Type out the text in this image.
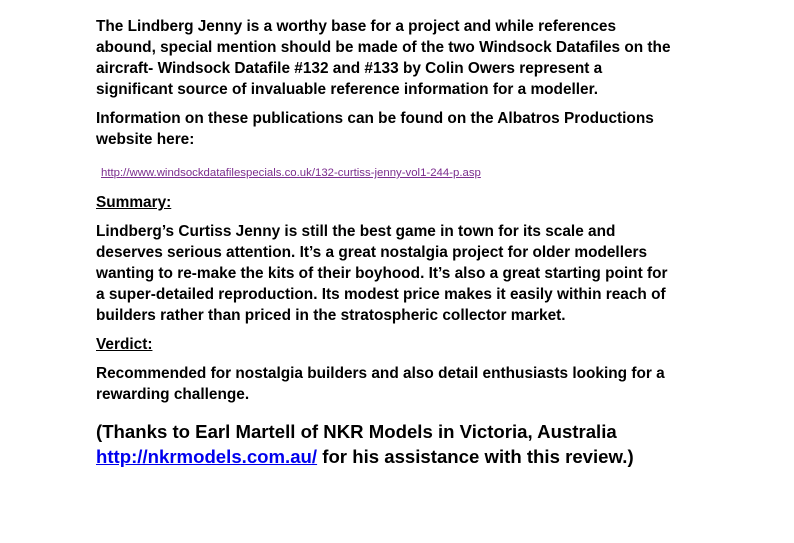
The Lindberg Jenny is a worthy base for a project and while references
abound, special mention should be made of the two Windsock Datafiles on the
aircraft- Windsock Datafile #132 and #133 by Colin Owers represent a
significant source of invaluable reference information for a modeller.

Information on these publications can be found on the Albatros Productions
website here:

http://www.windsockdatafilespecials.co.uk/132-curtiss-jenny-vol1-244-p.asp
Summary:

Lindberg’s Curtiss Jenny is still the best game in town for its scale and
deserves serious attention. It’s a great nostalgia project for older modellers
wanting to re-make the kits of their boyhood. It’s also a great starting point for
a super-detailed reproduction. Its modest price makes it easily within reach of
builders rather than priced in the stratospheric collector market.

Verdict:

Recommended for nostalgia builders and also detail enthusiasts looking for a
rewarding challenge.

(Thanks to Earl Martell of NKR Models in Victoria, Australia
http://nkrmodels.com.au/ for his assistance with this review.)
